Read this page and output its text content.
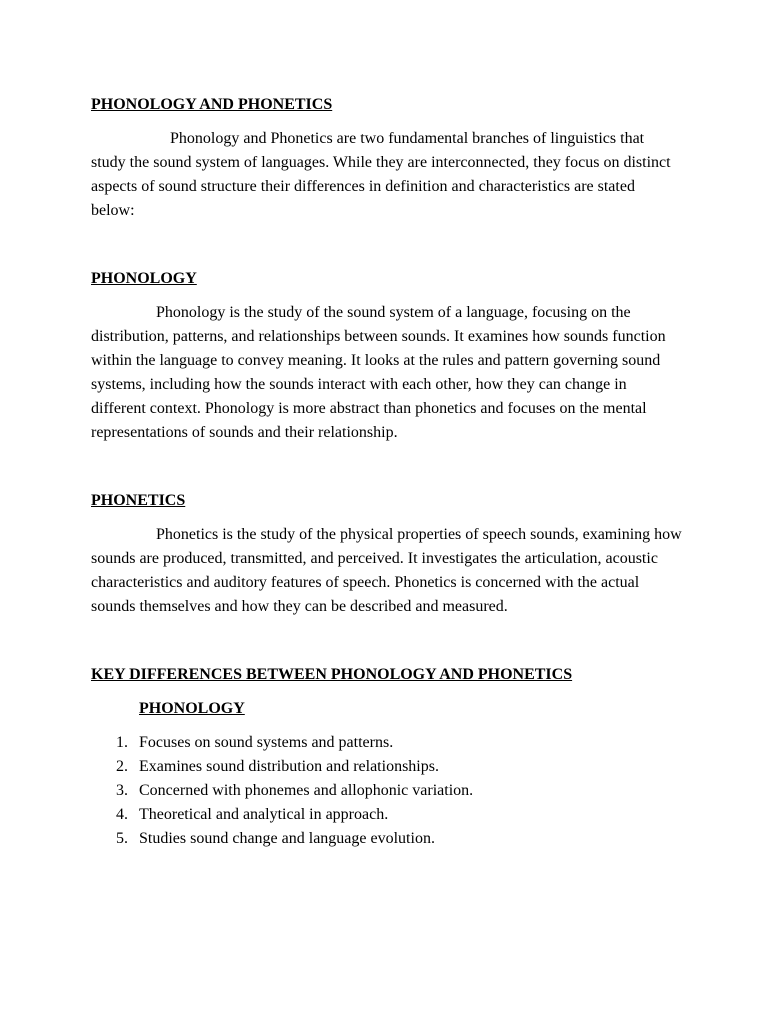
PHONOLOGY AND PHONETICS

Phonology and Phonetics are two fundamental branches of linguistics that study the sound system of languages. While they are interconnected, they focus on distinct aspects of sound structure their differences in definition and characteristics are stated below:

PHONOLOGY

Phonology is the study of the sound system of a language, focusing on the distribution, patterns, and relationships between sounds. It examines how sounds function within the language to convey meaning. It looks at the rules and pattern governing sound systems, including how the sounds interact with each other, how they can change in different context. Phonology is more abstract than phonetics and focuses on the mental representations of sounds and their relationship.

PHONETICS

Phonetics is the study of the physical properties of speech sounds, examining how sounds are produced, transmitted, and perceived. It investigates the articulation, acoustic characteristics and auditory features of speech. Phonetics is concerned with the actual sounds themselves and how they can be described and measured.

KEY DIFFERENCES BETWEEN PHONOLOGY AND PHONETICS
PHONOLOGY
1. Focuses on sound systems and patterns.
2. Examines sound distribution and relationships.
3. Concerned with phonemes and allophonic variation.
4. Theoretical and analytical in approach.
5. Studies sound change and language evolution.
